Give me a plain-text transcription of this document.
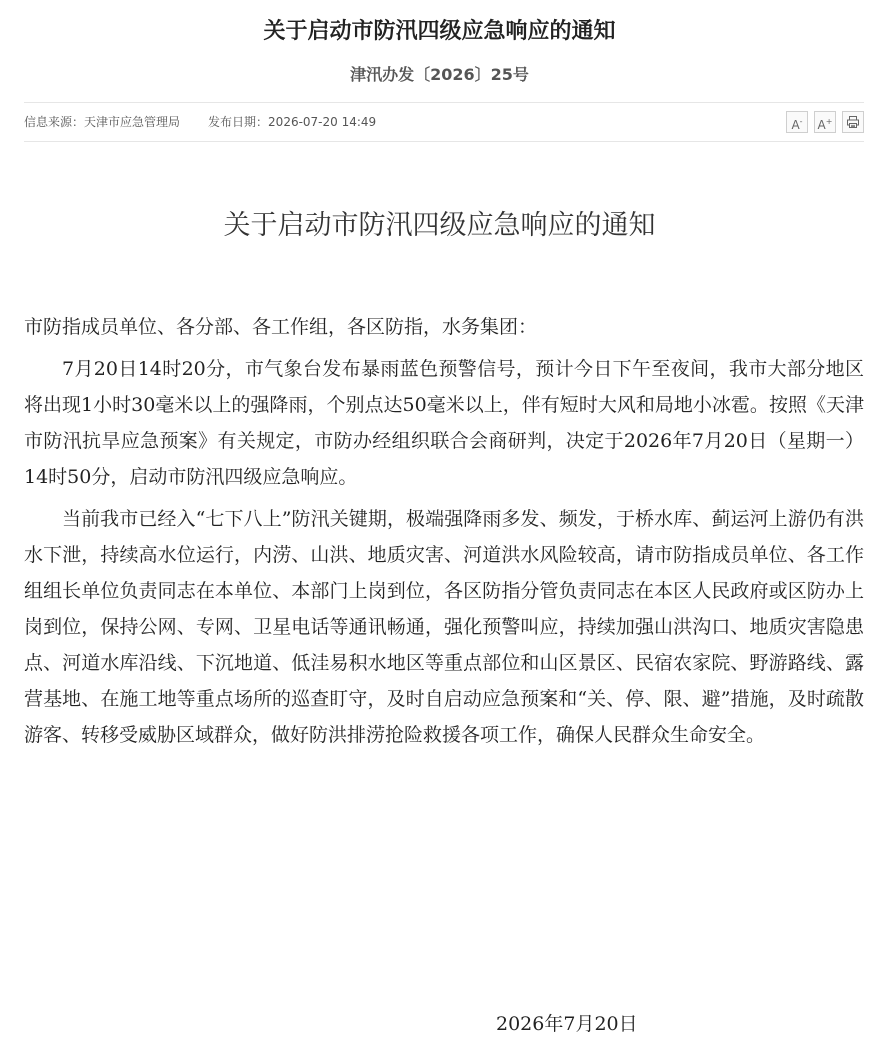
关于启动市防汛四级应急响应的通知
津汛办发〔2026〕25号
信息来源：天津市应急管理局 发布日期：2026-07-20 14:49	A- A+
关于启动市防汛四级应急响应的通知

市防指成员单位、各分部、各工作组，各区防指，水务集团：

7月20日14时20分，市气象台发布暴雨蓝色预警信号，预计今日下午至夜间，我市大部分地区将出现1小时30毫米以上的强降雨，个别点达50毫米以上，伴有短时大风和局地小冰雹。按照《天津市防汛抗旱应急预案》有关规定，市防办经组织联合会商研判，决定于2026年7月20日（星期一）14时50分，启动市防汛四级应急响应。

当前我市已经入“七下八上”防汛关键期，极端强降雨多发、频发，于桥水库、蓟运河上游仍有洪水下泄，持续高水位运行，内涝、山洪、地质灾害、河道洪水风险较高，请市防指成员单位、各工作组组长单位负责同志在本单位、本部门上岗到位，各区防指分管负责同志在本区人民政府或区防办上岗到位，保持公网、专网、卫星电话等通讯畅通，强化预警叫应，持续加强山洪沟口、地质灾害隐患点、河道水库沿线、下沉地道、低洼易积水地区等重点部位和山区景区、民宿农家院、野游路线、露营基地、在施工地等重点场所的巡查盯守，及时自启动应急预案和“关、停、限、避”措施，及时疏散游客、转移受威胁区域群众，做好防洪排涝抢险救援各项工作，确保人民群众生命安全。

2026年7月20日
